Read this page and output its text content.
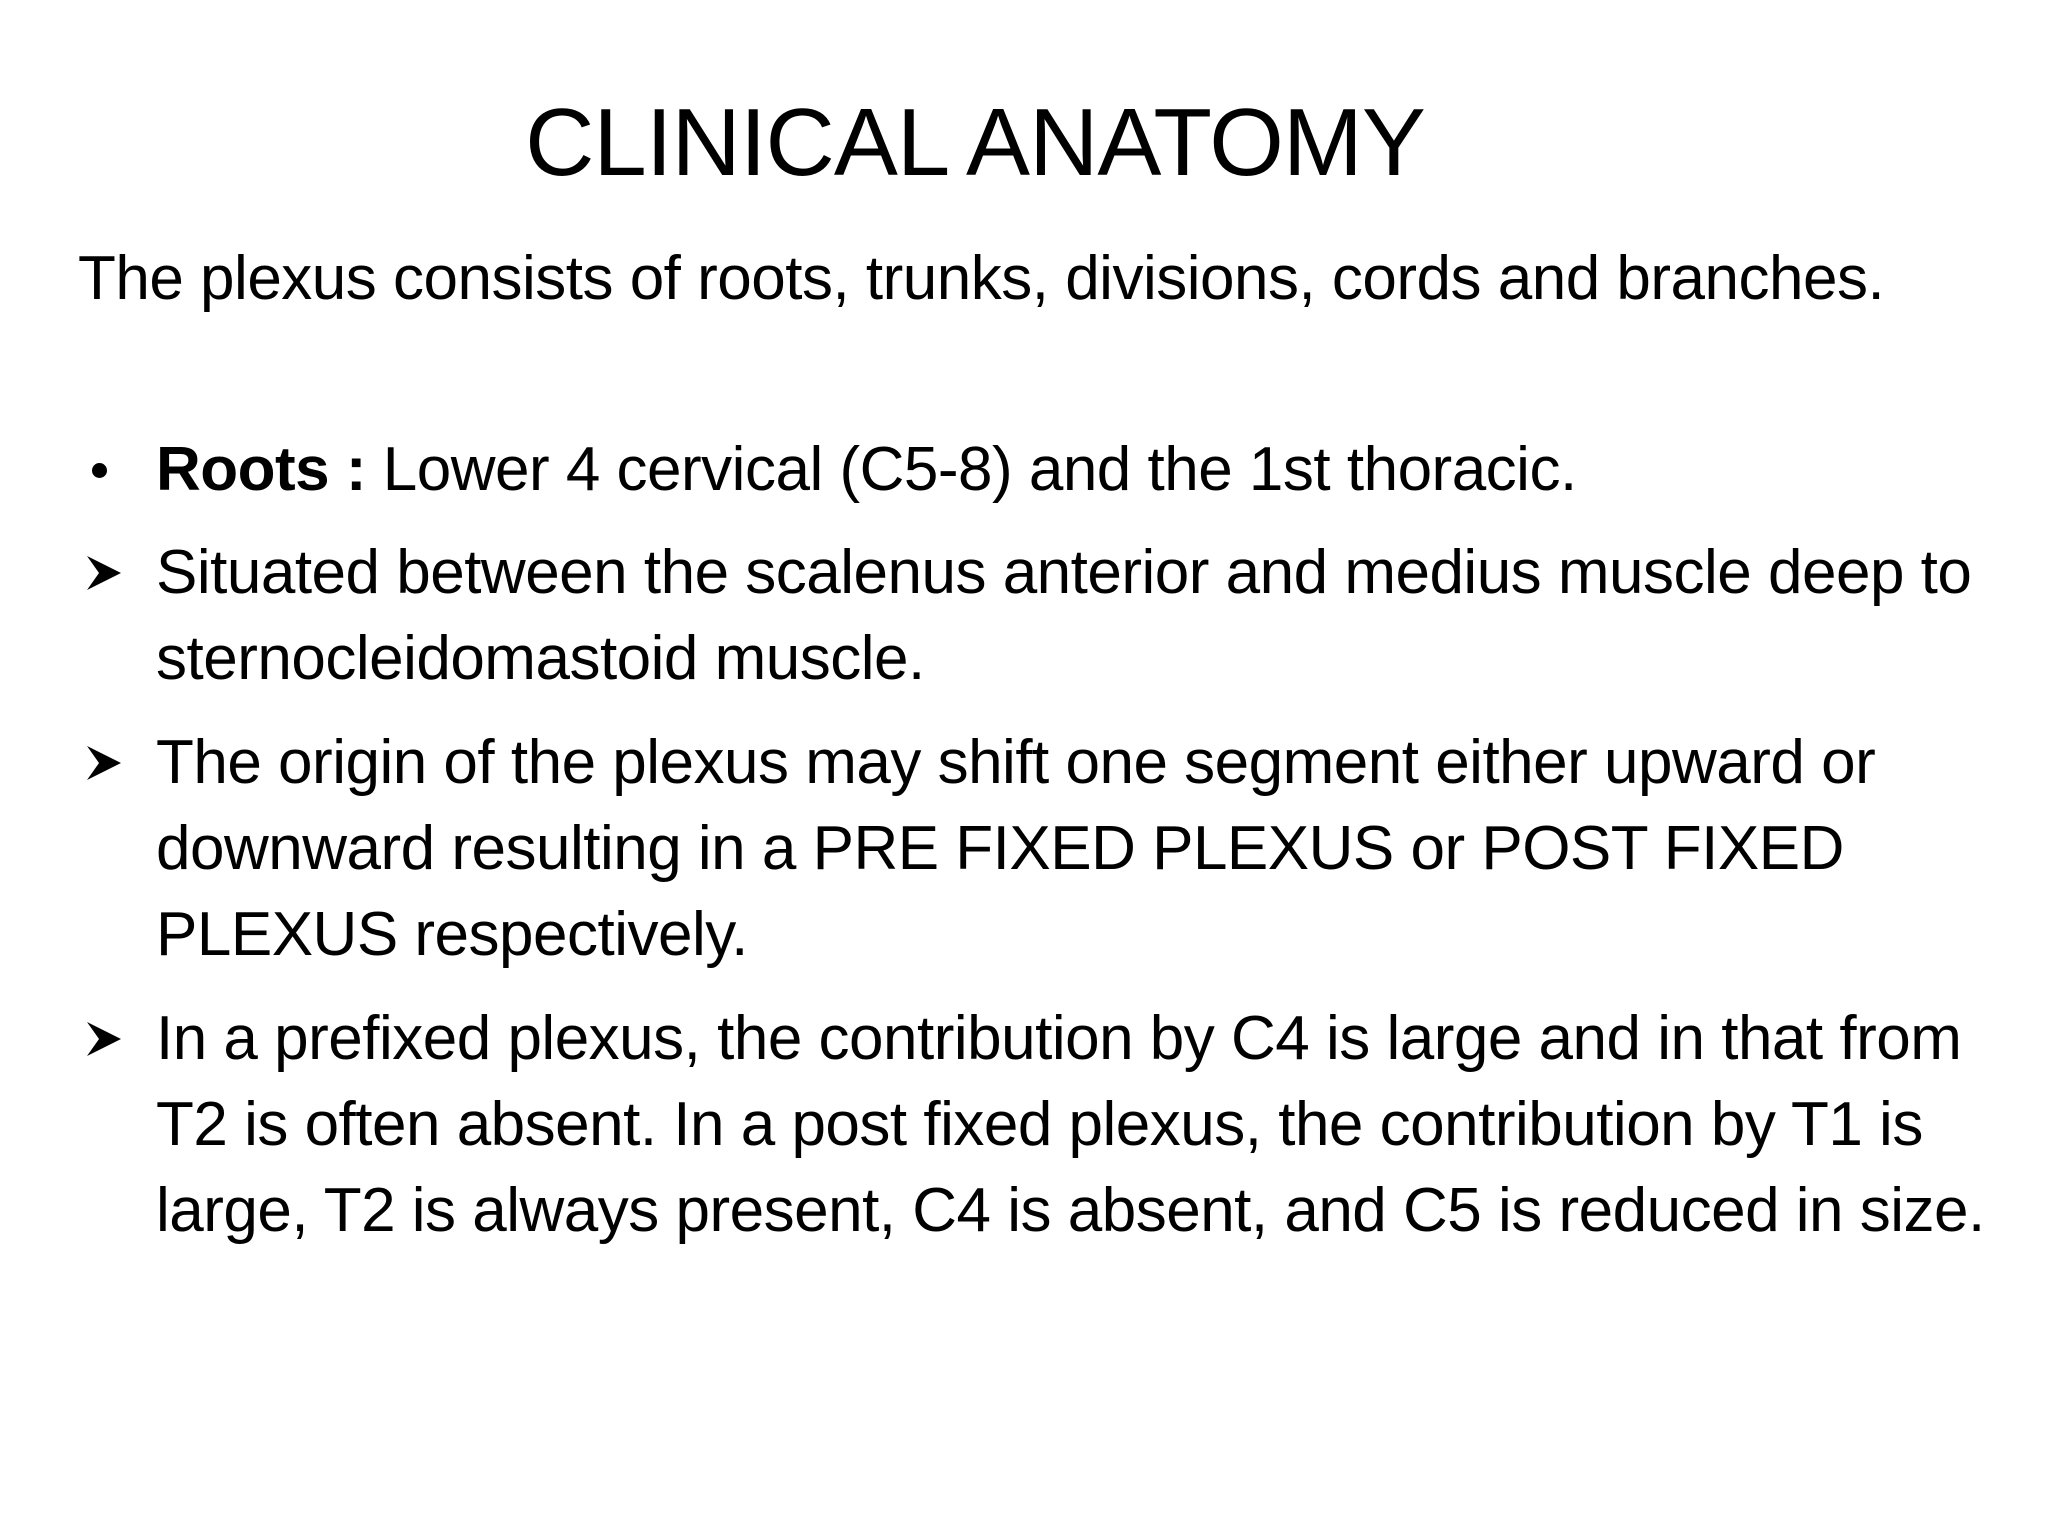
CLINICAL ANATOMY
The plexus consists of roots, trunks, divisions, cords and branches.
Roots : Lower 4 cervical (C5-8) and the 1st thoracic.
Situated between the scalenus anterior and medius muscle deep to sternocleidomastoid muscle.
The origin of the plexus may shift one segment either upward or downward resulting in a PRE FIXED PLEXUS or POST FIXED PLEXUS respectively.
In a prefixed plexus, the contribution by C4 is large and in that from T2 is often absent. In a post fixed plexus, the contribution by T1 is large, T2 is always present, C4 is absent, and C5 is reduced in size.
